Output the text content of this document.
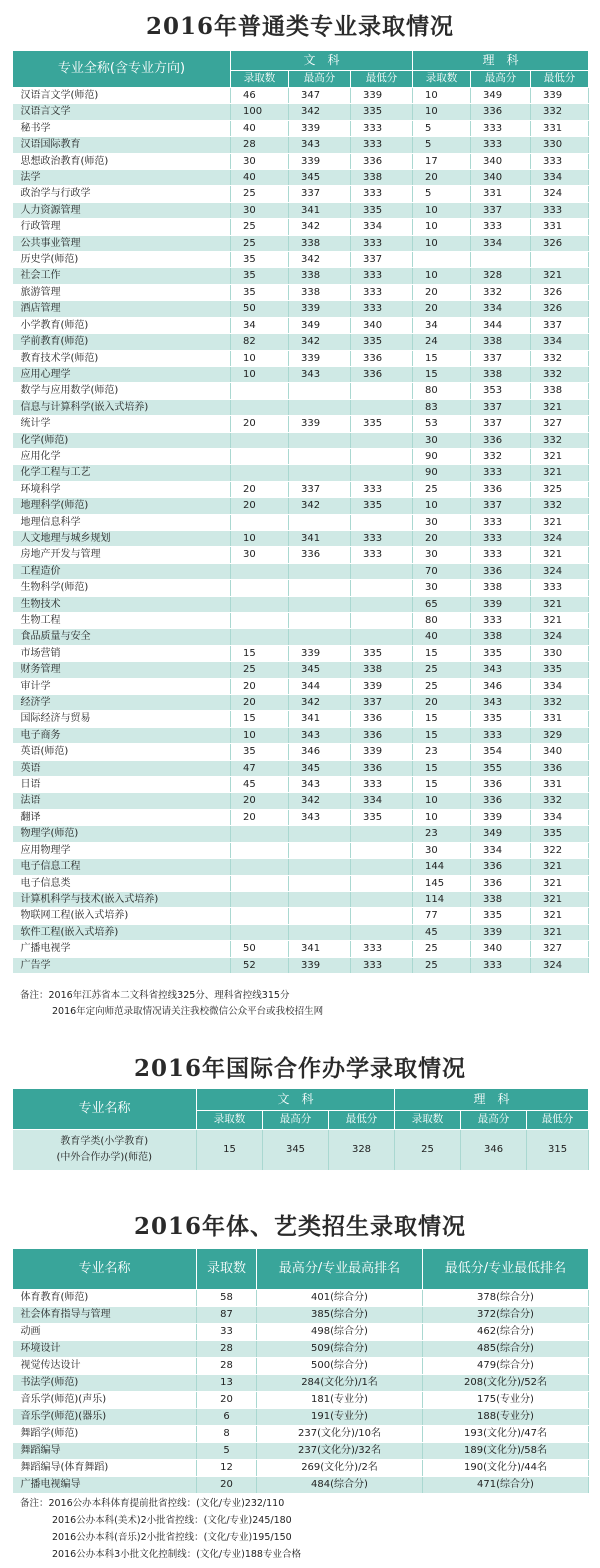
2016年普通类专业录取情况
专业全称(含专业方向)	文　科			理　科		
	录取数	最高分	最低分	录取数	最高分	最低分
汉语言文学(师范)	46	347	339	10	349	339
汉语言文学	100	342	335	10	336	332
秘书学	40	339	333	5	333	331
汉语国际教育	28	343	333	5	333	330
思想政治教育(师范)	30	339	336	17	340	333
法学	40	345	338	20	340	334
政治学与行政学	25	337	333	5	331	324
人力资源管理	30	341	335	10	337	333
行政管理	25	342	334	10	333	331
公共事业管理	25	338	333	10	334	326
历史学(师范)	35	342	337			
社会工作	35	338	333	10	328	321
旅游管理	35	338	333	20	332	326
酒店管理	50	339	333	20	334	326
小学教育(师范)	34	349	340	34	344	337
学前教育(师范)	82	342	335	24	338	334
教育技术学(师范)	10	339	336	15	337	332
应用心理学	10	343	336	15	338	332
数学与应用数学(师范)				80	353	338
信息与计算科学(嵌入式培养)				83	337	321
统计学	20	339	335	53	337	327
化学(师范)				30	336	332
应用化学				90	332	321
化学工程与工艺				90	333	321
环境科学	20	337	333	25	336	325
地理科学(师范)	20	342	335	10	337	332
地理信息科学				30	333	321
人文地理与城乡规划	10	341	333	20	333	324
房地产开发与管理	30	336	333	30	333	321
工程造价				70	336	324
生物科学(师范)				30	338	333
生物技术				65	339	321
生物工程				80	333	321
食品质量与安全				40	338	324
市场营销	15	339	335	15	335	330
财务管理	25	345	338	25	343	335
审计学	20	344	339	25	346	334
经济学	20	342	337	20	343	332
国际经济与贸易	15	341	336	15	335	331
电子商务	10	343	336	15	333	329
英语(师范)	35	346	339	23	354	340
英语	47	345	336	15	355	336
日语	45	343	333	15	336	331
法语	20	342	334	10	336	332
翻译	20	343	335	10	339	334
物理学(师范)				23	349	335
应用物理学				30	334	322
电子信息工程				144	336	321
电子信息类				145	336	321
计算机科学与技术(嵌入式培养)				114	338	321
物联网工程(嵌入式培养)				77	335	321
软件工程(嵌入式培养)				45	339	321
广播电视学	50	341	333	25	340	327
广告学	52	339	333	25	333	324
备注：2016年江苏省本二文科省控线325分、理科省控线315分
2016年定向师范录取情况请关注我校微信公众平台或我校招生网
2016年国际合作办学录取情况
专业名称	文　科			理　科		
	录取数	最高分	最低分	录取数	最高分	最低分

教育学类(小学教育)
(中外合作办学)(师范)	15	345	328	25	346	315
2016年体、艺类招生录取情况
专业名称	录取数	最高分/专业最高排名	最低分/专业最低排名
体育教育(师范)	58	401(综合分)	378(综合分)
社会体育指导与管理	87	385(综合分)	372(综合分)
动画	33	498(综合分)	462(综合分)
环境设计	28	509(综合分)	485(综合分)
视觉传达设计	28	500(综合分)	479(综合分)
书法学(师范)	13	284(文化分)/1名	208(文化分)/52名
音乐学(师范)(声乐)	20	181(专业分)	175(专业分)
音乐学(师范)(器乐)	6	191(专业分)	188(专业分)
舞蹈学(师范)	8	237(文化分)/10名	193(文化分)/47名
舞蹈编导	5	237(文化分)/32名	189(文化分)/58名
舞蹈编导(体育舞蹈)	12	269(文化分)/2名	190(文化分)/44名
广播电视编导	20	484(综合分)	471(综合分)
备注：2016公办本科体育提前批省控线：(文化/专业)232/110
2016公办本科(美术)2小批省控线：(文化/专业)245/180
2016公办本科(音乐)2小批省控线：(文化/专业)195/150
2016公办本科3小批文化控制线：(文化/专业)188专业合格
